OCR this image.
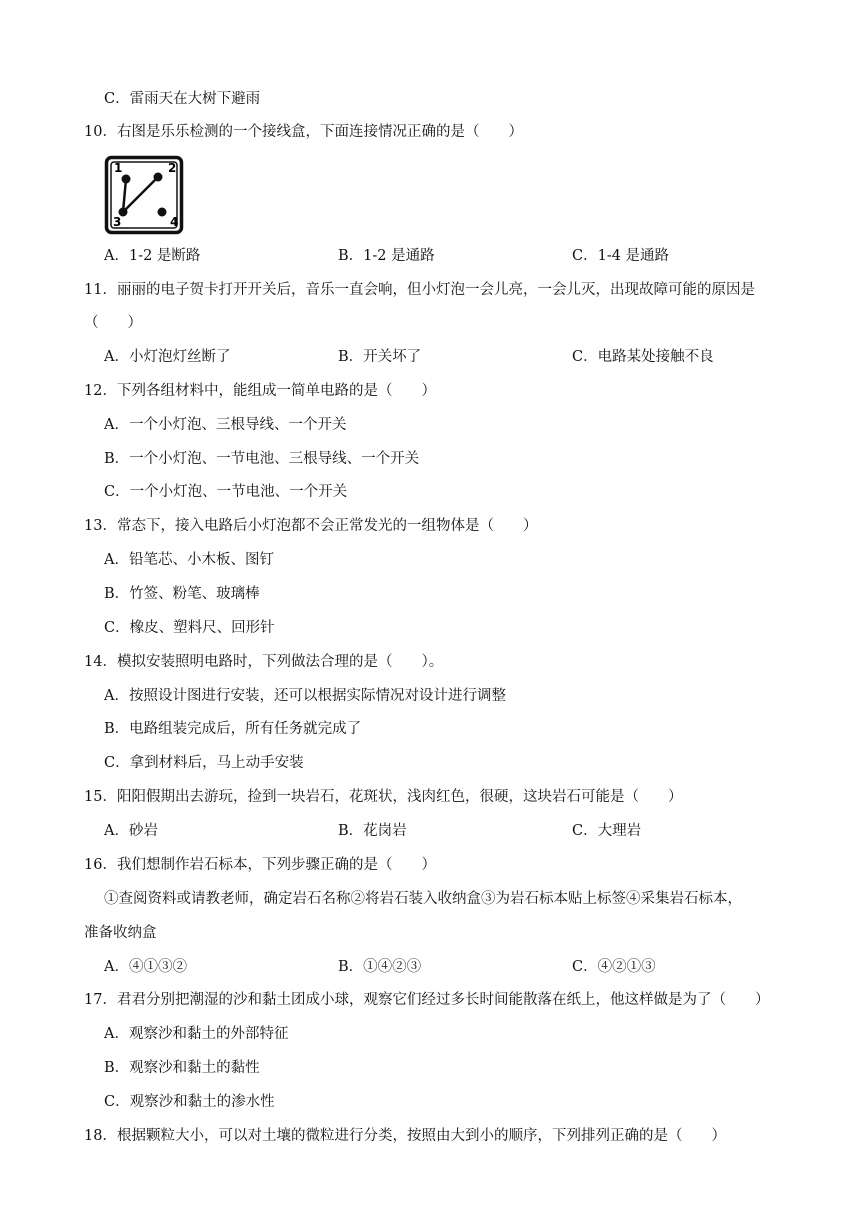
C．雷雨天在大树下避雨
10．右图是乐乐检测的一个接线盒，下面连接情况正确的是（　　）
1	2
3	4
A．1-2 是断路	B．1-2 是通路	C．1-4 是通路
11．丽丽的电子贺卡打开开关后，音乐一直会响，但小灯泡一会儿亮，一会儿灭，出现故障可能的原因是
（　　）
A．小灯泡灯丝断了	B．开关坏了	C．电路某处接触不良
12．下列各组材料中，能组成一简单电路的是（　　）
A．一个小灯泡、三根导线、一个开关
B．一个小灯泡、一节电池、三根导线、一个开关
C．一个小灯泡、一节电池、一个开关
13．常态下，接入电路后小灯泡都不会正常发光的一组物体是（　　）
A．铅笔芯、小木板、图钉
B．竹签、粉笔、玻璃棒
C．橡皮、塑料尺、回形针
14．模拟安装照明电路时，下列做法合理的是（　　）。
A．按照设计图进行安装，还可以根据实际情况对设计进行调整
B．电路组装完成后，所有任务就完成了
C．拿到材料后，马上动手安装
15．阳阳假期出去游玩，捡到一块岩石，花斑状，浅肉红色，很硬，这块岩石可能是（　　）
A．砂岩	B．花岗岩	C．大理岩
16．我们想制作岩石标本，下列步骤正确的是（　　）
①查阅资料或请教老师，确定岩石名称②将岩石装入收纳盒③为岩石标本贴上标签④采集岩石标本，
准备收纳盒
A．④①③②	B．①④②③	C．④②①③
17．君君分别把潮湿的沙和黏土团成小球，观察它们经过多长时间能散落在纸上，他这样做是为了（　　）
A．观察沙和黏土的外部特征
B．观察沙和黏土的黏性
C．观察沙和黏土的渗水性
18．根据颗粒大小，可以对土壤的微粒进行分类，按照由大到小的顺序，下列排列正确的是（　　）
